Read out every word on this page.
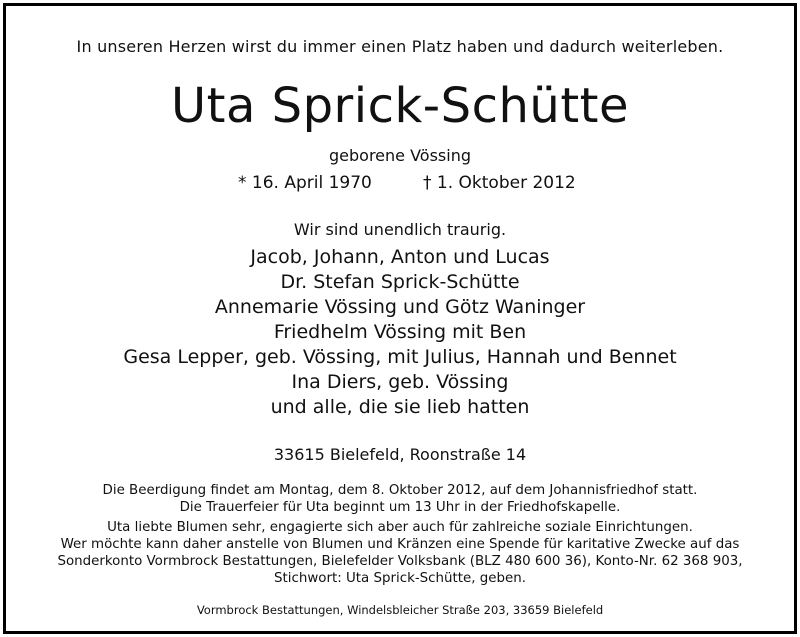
In unseren Herzen wirst du immer einen Platz haben und dadurch weiterleben.
Uta Sprick-Schütte
geborene Vössing
* 16. April 1970	† 1. Oktober 2012
Wir sind unendlich traurig.
Jacob, Johann, Anton und Lucas
Dr. Stefan Sprick-Schütte
Annemarie Vössing und Götz Waninger
Friedhelm Vössing mit Ben
Gesa Lepper, geb. Vössing, mit Julius, Hannah und Bennet
Ina Diers, geb. Vössing
und alle, die sie lieb hatten
33615 Bielefeld, Roonstraße 14
Die Beerdigung findet am Montag, dem 8. Oktober 2012, auf dem Johannisfriedhof statt.
Die Trauerfeier für Uta beginnt um 13 Uhr in der Friedhofskapelle.
Uta liebte Blumen sehr, engagierte sich aber auch für zahlreiche soziale Einrichtungen.
Wer möchte kann daher anstelle von Blumen und Kränzen eine Spende für karitative Zwecke auf das
Sonderkonto Vormbrock Bestattungen, Bielefelder Volksbank (BLZ 480 600 36), Konto-Nr. 62 368 903,
Stichwort: Uta Sprick-Schütte, geben.
Vormbrock Bestattungen, Windelsbleicher Straße 203, 33659 Bielefeld
